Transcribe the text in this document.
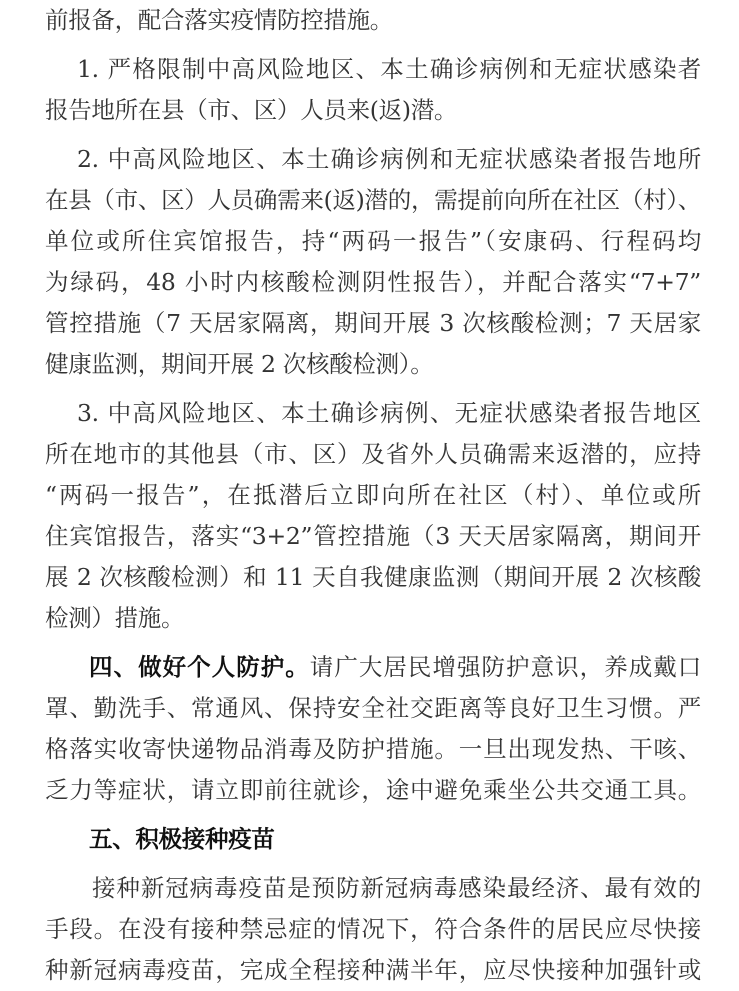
前报备，配合落实疫情防控措施。
1. 严格限制中高风险地区、本土确诊病例和无症状感染者
报告地所在县（市、区）人员来(返)潜。
2. 中高风险地区、本土确诊病例和无症状感染者报告地所
在县（市、区）人员确需来(返)潜的，需提前向所在社区（村）、
单位或所住宾馆报告，持“两码一报告”（安康码、行程码均
为绿码，48 小时内核酸检测阴性报告），并配合落实“7+7”
管控措施（7 天居家隔离，期间开展 3 次核酸检测；7 天居家
健康监测，期间开展 2 次核酸检测）。
3. 中高风险地区、本土确诊病例、无症状感染者报告地区
所在地市的其他县（市、区）及省外人员确需来返潜的，应持
“两码一报告”，在抵潜后立即向所在社区（村）、单位或所
住宾馆报告，落实“3+2”管控措施（3 天天居家隔离，期间开
展 2 次核酸检测）和 11 天自我健康监测（期间开展 2 次核酸
检测）措施。
四、做好个人防护。请广大居民增强防护意识，养成戴口
罩、勤洗手、常通风、保持安全社交距离等良好卫生习惯。严
格落实收寄快递物品消毒及防护措施。一旦出现发热、干咳、
乏力等症状，请立即前往就诊，途中避免乘坐公共交通工具。
五、积极接种疫苗
接种新冠病毒疫苗是预防新冠病毒感染最经济、最有效的
手段。在没有接种禁忌症的情况下，符合条件的居民应尽快接
种新冠病毒疫苗，完成全程接种满半年，应尽快接种加强针或
